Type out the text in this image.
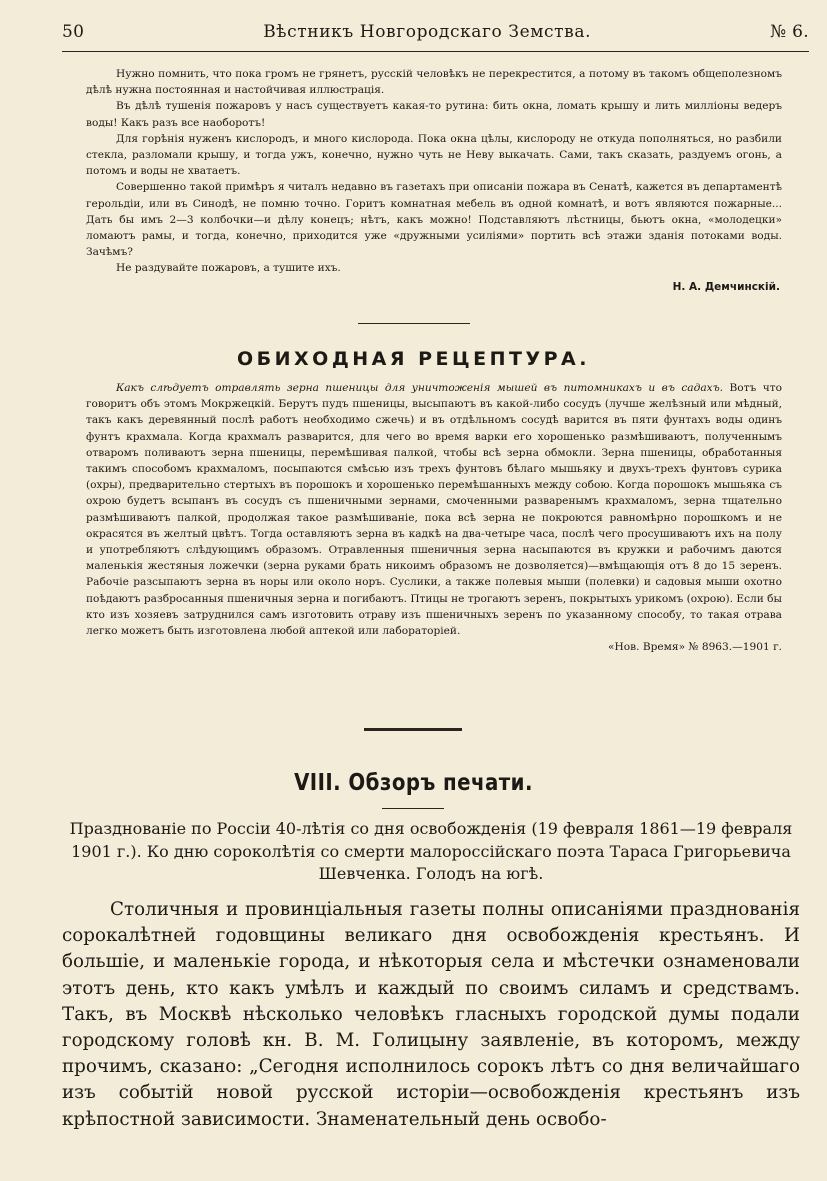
50	Вѣстникъ Новгородскаго Земства.	№ 6.

Нужно помнить, что пока громъ не грянетъ, русскій человѣкъ не перекрестится, а потому въ такомъ общеполезномъ дѣлѣ нужна постоянная и настойчивая иллюстрація.

Въ дѣлѣ тушенія пожаровъ у насъ существуетъ какая-то рутина: бить окна, ломать крышу и лить милліоны ведеръ воды! Какъ разъ все наоборотъ!

Для горѣнія нуженъ кислородъ, и много кислорода. Пока окна цѣлы, кислороду не откуда пополняться, но разбили стекла, разломали крышу, и тогда ужъ, конечно, нужно чуть не Неву выкачать. Сами, такъ сказать, раздуемъ огонь, а потомъ и воды не хватаетъ.

Совершенно такой примѣръ я читалъ недавно въ газетахъ при описаніи пожара въ Сенатѣ, кажется въ департаментѣ герольдіи, или въ Синодѣ, не помню точно. Горитъ комнатная мебель въ одной комнатѣ, и вотъ являются пожарные... Дать бы имъ 2—3 колбочки—и дѣлу конецъ; нѣтъ, какъ можно! Подставляютъ лѣстницы, бьютъ окна, «молодецки» ломаютъ рамы, и тогда, конечно, приходится уже «дружными усиліями» портить всѣ этажи зданія потоками воды. Зачѣмъ?

Не раздувайте пожаровъ, а тушите ихъ.

Н. А. Демчинскій.

ОБИХОДНАЯ РЕЦЕПТУРА.

Какъ слѣдуетъ отравлять зерна пшеницы для уничтоженія мышей въ питомникахъ и въ садахъ. Вотъ что говоритъ объ этомъ Мокржецкій. Берутъ пудъ пшеницы, высыпаютъ въ какой-либо сосудъ (лучше желѣзный или мѣдный, такъ какъ деревянный послѣ работъ необходимо сжечь) и въ отдѣльномъ сосудѣ варится въ пяти фунтахъ воды одинъ фунтъ крахмала. Когда крахмалъ разварится, для чего во время варки его хорошенько размѣшиваютъ, полученнымъ отваромъ поливаютъ зерна пшеницы, перемѣшивая палкой, чтобы всѣ зерна обмокли. Зерна пшеницы, обработанныя такимъ способомъ крахмаломъ, посыпаются смѣсью изъ трехъ фунтовъ бѣлаго мышьяку и двухъ-трехъ фунтовъ сурика (охры), предварительно стертыхъ въ порошокъ и хорошенько перемѣшанныхъ между собою. Когда порошокъ мышьяка съ охрою будетъ всыпанъ въ сосудъ съ пшеничными зернами, смоченными разваренымъ крахмаломъ, зерна тщательно размѣшиваютъ палкой, продолжая такое размѣшиваніе, пока всѣ зерна не покроются равномѣрно порошкомъ и не окрасятся въ желтый цвѣтъ. Тогда оставляютъ зерна въ кадкѣ на два-четыре часа, послѣ чего просушиваютъ ихъ на полу и употребляютъ слѣдующимъ образомъ. Отравленныя пшеничныя зерна насыпаются въ кружки и рабочимъ даются маленькія жестяныя ложечки (зерна руками брать никоимъ образомъ не дозволяется)—вмѣщающія отъ 8 до 15 зеренъ. Рабочіе разсыпаютъ зерна въ норы или около норъ. Суслики, а также полевыя мыши (полевки) и садовыя мыши охотно поѣдаютъ разбросанныя пшеничныя зерна и погибаютъ. Птицы не трогаютъ зеренъ, покрытыхъ урикомъ (охрою). Если бы кто изъ хозяевъ затруднился самъ изготовить отраву изъ пшеничныхъ зеренъ по указанному способу, то такая отрава легко можетъ быть изготовлена любой аптекой или лабораторіей.

«Нов. Время» № 8963.—1901 г.

VIII. Обзоръ печати.
Празднованіе по Россіи 40-лѣтія со дня освобожденія (19 февраля 1861—19 февраля 1901 г.). Ко дню сороколѣтія со смерти малороссійскаго поэта Тараса Григорьевича Шевченка. Голодъ на югѣ.

Столичныя и провинціальныя газеты полны описаніями празднованія сорокалѣтней годовщины великаго дня освобожденія крестьянъ. И большіе, и маленькіе города, и нѣкоторыя села и мѣстечки ознаменовали этотъ день, кто какъ умѣлъ и каждый по своимъ силамъ и средствамъ. Такъ, въ Москвѣ нѣсколько человѣкъ гласныхъ городской думы подали городскому головѣ кн. В. М. Голицыну заявленіе, въ которомъ, между прочимъ, сказано: „Сегодня исполнилось сорокъ лѣтъ со дня величайшаго изъ событій новой русской исторіи—освобожденія крестьянъ изъ крѣпостной зависимости. Знаменательный день освобо-
